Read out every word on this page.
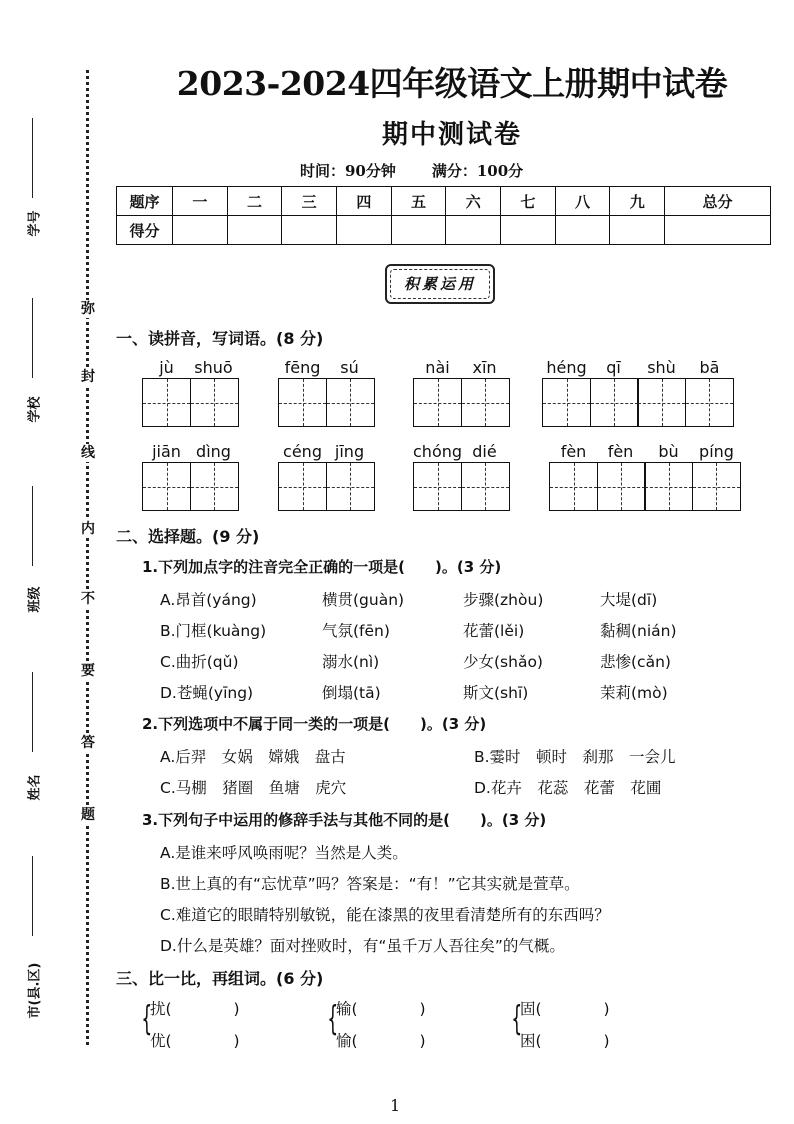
学号
学校
班级
姓名
市(县.区)
弥
封
线
内
不
要
答
题
2023-2024四年级语文上册期中试卷
期中测试卷
时间：90分钟 满分：100分
题序	一	二	三	四	五	六	七	八	九	总分
得分										
积累运用
一、读拼音，写词语。(8 分)
jù	shuō	fēng	sú	nài	xīn	héng	qī	shù	bā
jiān dìng	céng jīng	chóng dié	fèn	fèn	bù	píng
二、选择题。(9 分)
1.下列加点字的注音完全正确的一项是(　　)。(3 分)
A.昂首(yáng)	横贯(guàn)	步骤(zhòu)	大堤(dī)
B.门框(kuàng)	气氛(fēn)	花蕾(lěi)	黏稠(nián)
C.曲折(qǔ)	溺水(nì)	少女(shǎo)	悲惨(cǎn)
D.苍蝇(yīng)	倒塌(tā)	斯文(shī)	茉莉(mò)
2.下列选项中不属于同一类的一项是(　　)。(3 分)
A.后羿　女娲　嫦娥　盘古	B.霎时　顿时　刹那　一会儿
C.马棚　猪圈　鱼塘　虎穴	D.花卉　花蕊　花蕾　花圃
3.下列句子中运用的修辞手法与其他不同的是(　　)。(3 分)
A.是谁来呼风唤雨呢？当然是人类。
B.世上真的有“忘忧草”吗？答案是：“有！”它其实就是萱草。
C.难道它的眼睛特别敏锐，能在漆黑的夜里看清楚所有的东西吗？
D.什么是英雄？面对挫败时，有“虽千万人吾往矣”的气概。
三、比一比，再组词。(6 分)
{
扰(　　　　)
优(　　　　)
{
输(　　　　)
愉(　　　　)
{
固(　　　　)
困(　　　　)
1
